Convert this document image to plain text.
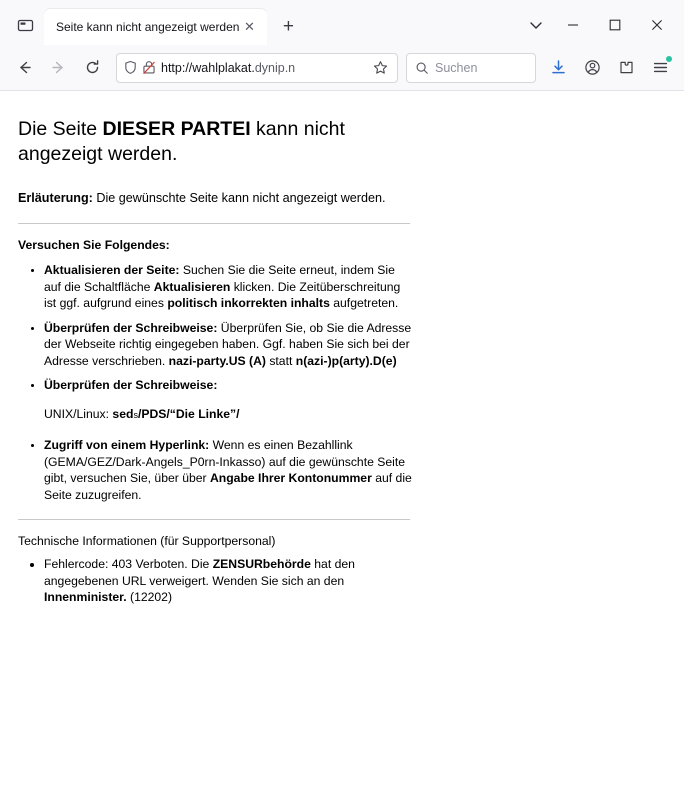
Seite kann nicht angezeigt werden ✕	+
http://wahlplakat.dynip.n	Suchen
Die Seite DIESER PARTEI kann nicht angezeigt werden.

Erläuterung: Die gewünschte Seite kann nicht angezeigt werden.

Versuchen Sie Folgendes:

• Aktualisieren der Seite: Suchen Sie die Seite erneut, indem Sie auf die Schaltfläche Aktualisieren klicken. Die Zeitüberschreitung ist ggf. aufgrund eines politisch inkorrekten inhalts aufgetreten.
• Überprüfen der Schreibweise: Überprüfen Sie, ob Sie die Adresse der Webseite richtig eingegeben haben. Ggf. haben Sie sich bei der Adresse verschrieben. nazi-party.US (A) statt n(azi-)p(arty).D(e)
• Überprüfen der Schreibweise:
UNIX/Linux: seds/PDS/“Die Linke”/
• Zugriff von einem Hyperlink: Wenn es einen Bezahllink (GEMA/GEZ/Dark-Angels_P0rn-Inkasso) auf die gewünschte Seite gibt, versuchen Sie, über über Angabe Ihrer Kontonummer auf die Seite zuzugreifen.

Technische Informationen (für Supportpersonal)

• Fehlercode: 403 Verboten. Die ZENSURbehörde hat den angegebenen URL verweigert. Wenden Sie sich an den Innenminister. (12202)
